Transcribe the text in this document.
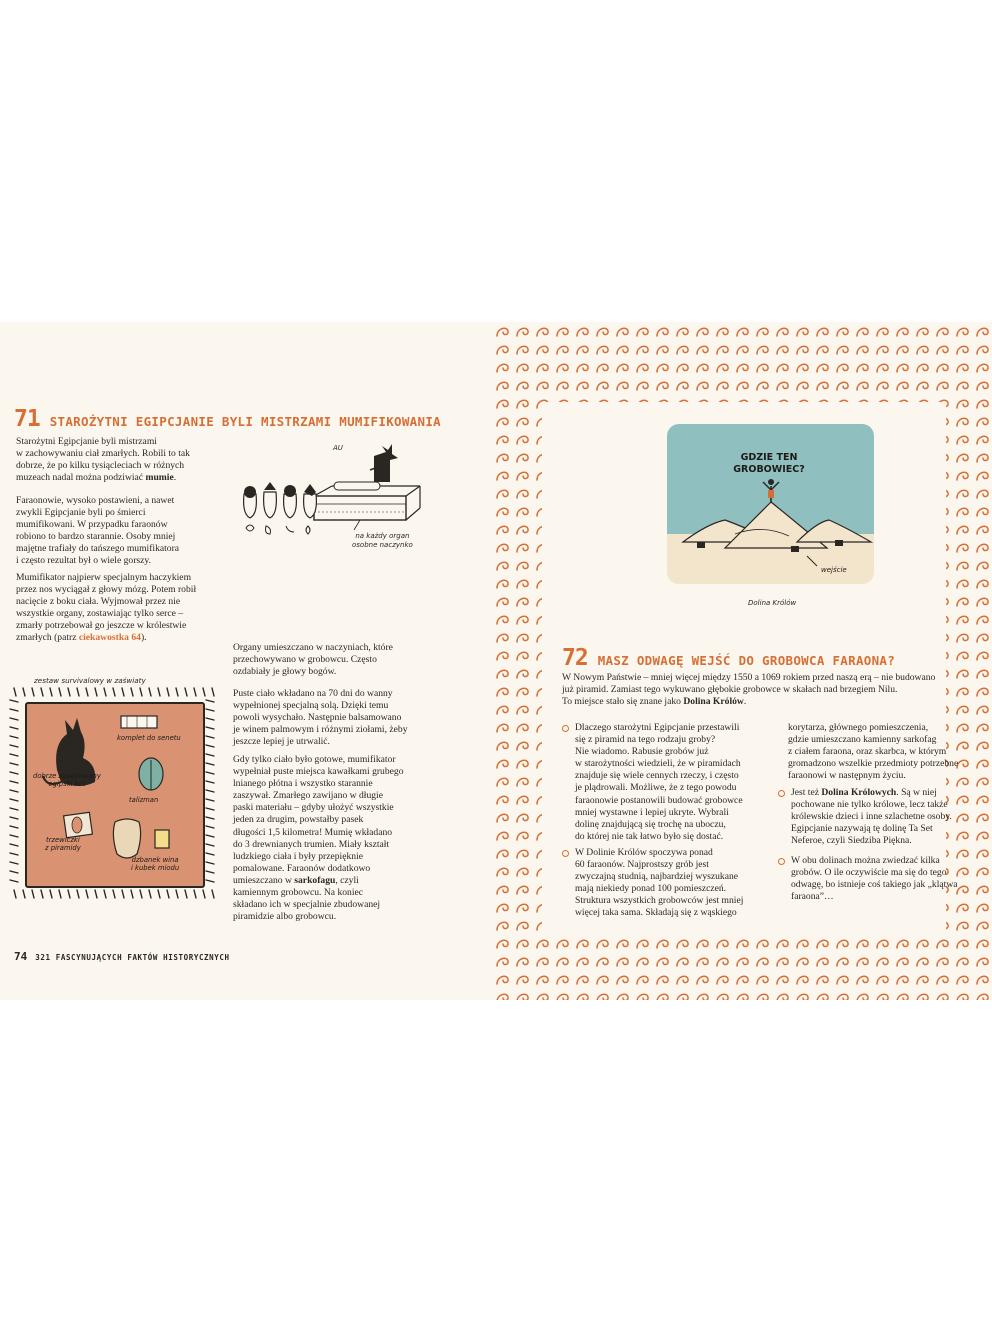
71 STAROŻYTNI EGIPCJANIE BYLI MISTRZAMI MUMIFIKOWANIA
Starożytni Egipcjanie byli mistrzami
w zachowywaniu ciał zmarłych. Robili to tak
dobrze, że po kilku tysiącleciach w różnych
muzeach nadal można podziwiać mumie.
Faraonowie, wysoko postawieni, a nawet
zwykli Egipcjanie byli po śmierci
mumifikowani. W przypadku faraonów
robiono to bardzo starannie. Osoby mniej
majętne trafiały do tańszego mumifikatora
i często rezultat był o wiele gorszy.
Mumifikator najpierw specjalnym haczykiem
przez nos wyciągał z głowy mózg. Potem robił
nacięcie z boku ciała. Wyjmował przez nie
wszystkie organy, zostawiając tylko serce –
zmarły potrzebował go jeszcze w królestwie
zmarłych (patrz ciekawostka 64).
AU
na każdy organ
osobne naczynko
Organy umieszczano w naczyniach, które
przechowywano w grobowcu. Często
ozdabiały je głowy bogów.
Puste ciało wkładano na 70 dni do wanny
wypełnionej specjalną solą. Dzięki temu
powoli wysychało. Następnie balsamowano
je winem palmowym i różnymi ziołami, żeby
jeszcze lepiej je utrwalić.
Gdy tylko ciało było gotowe, mumifikator
wypełniał puste miejsca kawałkami grubego
lnianego płótna i wszystko starannie
zaszywał. Zmarłego zawijano w długie
paski materiału – gdyby ułożyć wszystkie
jeden za drugim, powstałby pasek
długości 1,5 kilometra! Mumię wkładano
do 3 drewnianych trumien. Miały kształt
ludzkiego ciała i były przepięknie
pomalowane. Faraonów dodatkowo
umieszczano w sarkofagu, czyli
kamiennym grobowcu. Na koniec
składano ich w specjalnie zbudowanej
piramidzie albo grobowcu.
zestaw survivalowy w zaświaty
dobrze zapakowany
egipski kot
komplet do senetu
talizman
trzewiczki
z piramidy
dzbanek wina
i kubek miodu
74 321 FASCYNUJĄCYCH FAKTÓW HISTORYCZNYCH
GDZIE TEN
GROBOWIEC?
wejście
Dolina Królów
72 MASZ ODWAGĘ WEJŚĆ DO GROBOWCA FARAONA?
W Nowym Państwie – mniej więcej między 1550 a 1069 rokiem przed naszą erą – nie budowano
już piramid. Zamiast tego wykuwano głębokie grobowce w skałach nad brzegiem Nilu.
To miejsce stało się znane jako Dolina Królów.

Dlaczego starożytni Egipcjanie przestawili
się z piramid na tego rodzaju groby?
Nie wiadomo. Rabusie grobów już
w starożytności wiedzieli, że w piramidach
znajduje się wiele cennych rzeczy, i często
je plądrowali. Możliwe, że z tego powodu
faraonowie postanowili budować grobowce
mniej wystawne i lepiej ukryte. Wybrali
dolinę znajdującą się trochę na uboczu,
do której nie tak łatwo było się dostać.

W Dolinie Królów spoczywa ponad
60 faraonów. Najprostszy grób jest
zwyczajną studnią, najbardziej wyszukane
mają niekiedy ponad 100 pomieszczeń.
Struktura wszystkich grobowców jest mniej
więcej taka sama. Składają się z wąskiego

korytarza, głównego pomieszczenia,
gdzie umieszczano kamienny sarkofag
z ciałem faraona, oraz skarbca, w którym
gromadzono wszelkie przedmioty potrzebne
faraonowi w następnym życiu.

Jest też Dolina Królowych. Są w niej
pochowane nie tylko królowe, lecz także
królewskie dzieci i inne szlachetne osoby.
Egipcjanie nazywają tę dolinę Ta Set
Neferoe, czyli Siedziba Piękna.

W obu dolinach można zwiedzać kilka
grobów. O ile oczywiście ma się do tego
odwagę, bo istnieje coś takiego jak „klątwa
faraona”…
